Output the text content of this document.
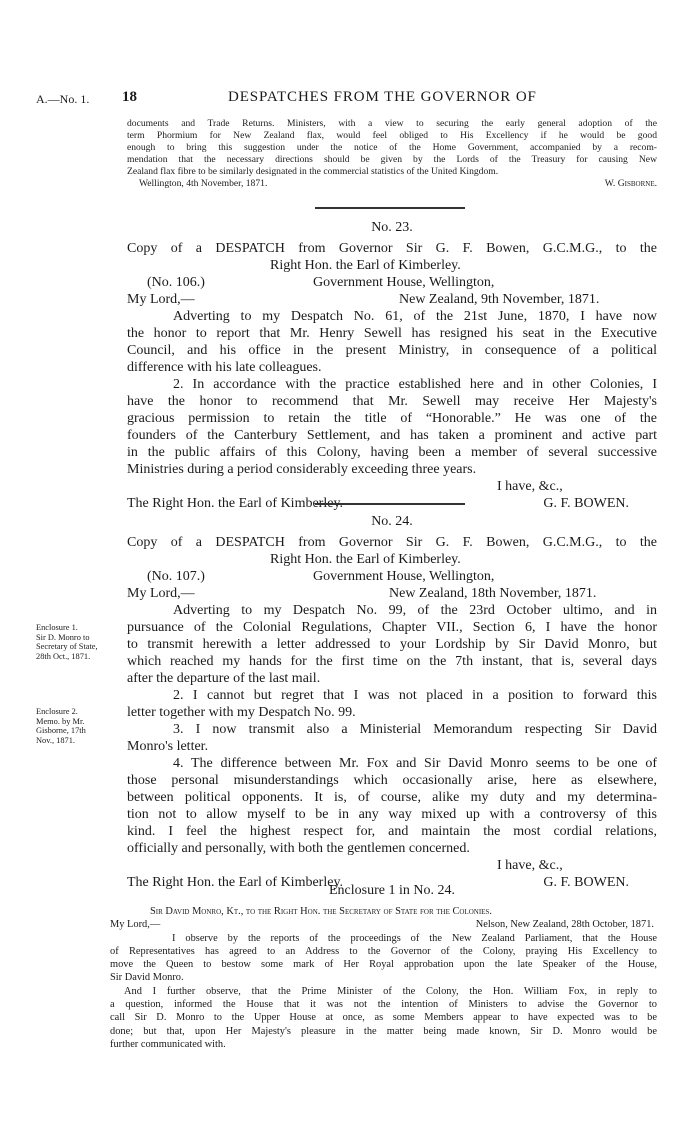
A.—No. 1. 18	DESPATCHES FROM THE GOVERNOR OF
documents and Trade Returns. Ministers, with a view to securing the early general adoption of the
term Phormium for New Zealand flax, would feel obliged to His Excellency if he would be good
enough to bring this suggestion under the notice of the Home Government, accompanied by a recom-
mendation that the necessary directions should be given by the Lords of the Treasury for causing New
Zealand flax fibre to be similarly designated in the commercial statistics of the United Kingdom.
Wellington, 4th November, 1871.	W. Gisborne.
No. 23.
Copy of a DESPATCH from Governor Sir G. F. Bowen, G.C.M.G., to the
Right Hon. the Earl of Kimberley.
(No. 106.)	Government House, Wellington,
My Lord,—	New Zealand, 9th November, 1871.
Adverting to my Despatch No. 61, of the 21st June, 1870, I have now
the honor to report that Mr. Henry Sewell has resigned his seat in the Executive
Council, and his office in the present Ministry, in consequence of a political
difference with his late colleagues.
2. In accordance with the practice established here and in other Colonies, I
have the honor to recommend that Mr. Sewell may receive Her Majesty's
gracious permission to retain the title of “Honorable.” He was one of the
founders of the Canterbury Settlement, and has taken a prominent and active part
in the public affairs of this Colony, having been a member of several successive
Ministries during a period considerably exceeding three years.
I have, &c.,
The Right Hon. the Earl of Kimberley.	G. F. BOWEN.
No. 24.
Copy of a DESPATCH from Governor Sir G. F. Bowen, G.C.M.G., to the
Right Hon. the Earl of Kimberley.
(No. 107.)	Government House, Wellington,
My Lord,—	New Zealand, 18th November, 1871.
Adverting to my Despatch No. 99, of the 23rd October ultimo, and in
pursuance of the Colonial Regulations, Chapter VII., Section 6, I have the honor
to transmit herewith a letter addressed to your Lordship by Sir David Monro, but
which reached my hands for the first time on the 7th instant, that is, several days
after the departure of the last mail.
2. I cannot but regret that I was not placed in a position to forward this
letter together with my Despatch No. 99.
3. I now transmit also a Ministerial Memorandum respecting Sir David
Monro's letter.
4. The difference between Mr. Fox and Sir David Monro seems to be one of
those personal misunderstandings which occasionally arise, here as elsewhere,
between political opponents. It is, of course, alike my duty and my determina-
tion not to allow myself to be in any way mixed up with a controversy of this
kind. I feel the highest respect for, and maintain the most cordial relations,
officially and personally, with both the gentlemen concerned.
I have, &c.,
The Right Hon. the Earl of Kimberley.	G. F. BOWEN.
Enclosure 1.
Sir D. Monro to
Secretary of State,
28th Oct., 1871.
Enclosure 2.
Memo. by Mr.
Gisborne, 17th
Nov., 1871.
Enclosure 1 in No. 24.
Sir David Monro, Kt., to the Right Hon. the Secretary of State for the Colonies.
My Lord,—	Nelson, New Zealand, 28th October, 1871.
I observe by the reports of the proceedings of the New Zealand Parliament, that the House
of Representatives has agreed to an Address to the Governor of the Colony, praying His Excellency to
move the Queen to bestow some mark of Her Royal approbation upon the late Speaker of the House,
Sir David Monro.
And I further observe, that the Prime Minister of the Colony, the Hon. William Fox, in reply to
a question, informed the House that it was not the intention of Ministers to advise the Governor to
call Sir D. Monro to the Upper House at once, as some Members appear to have expected was to be
done; but that, upon Her Majesty's pleasure in the matter being made known, Sir D. Monro would be
further communicated with.
